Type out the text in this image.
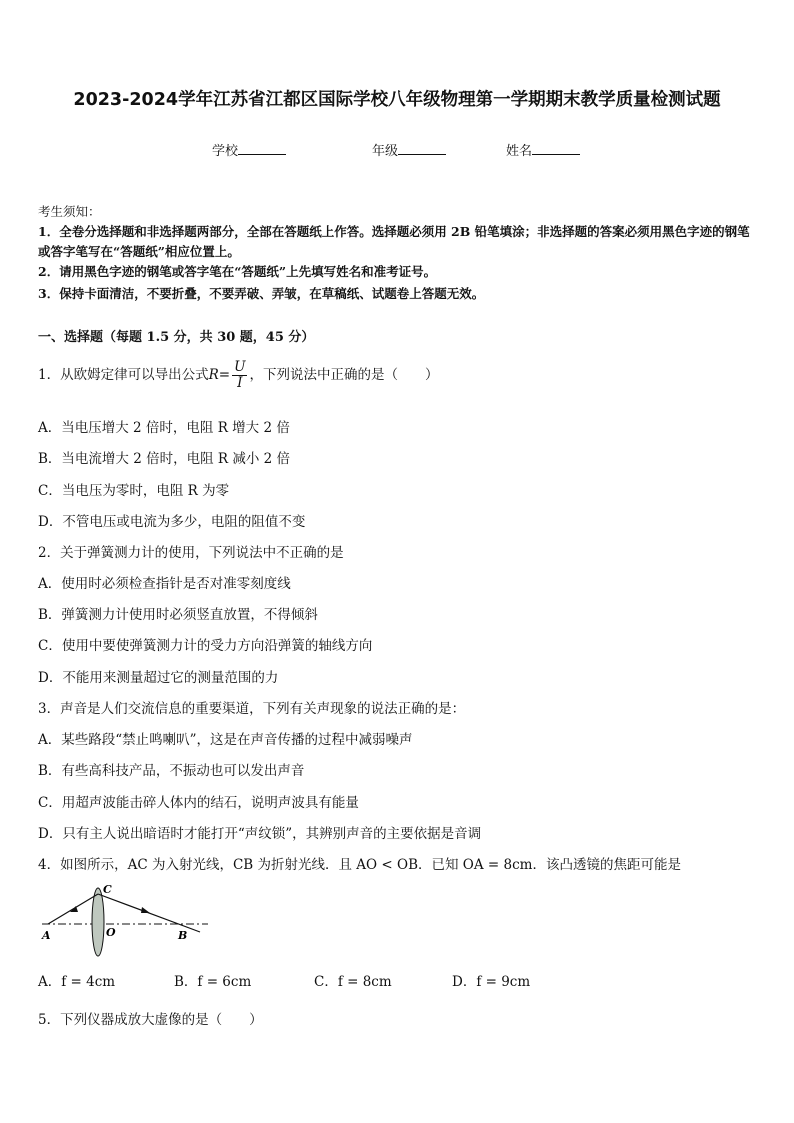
2023-2024学年江苏省江都区国际学校八年级物理第一学期期末教学质量检测试题
学校	年级	姓名
考生须知：
1．全卷分选择题和非选择题两部分，全部在答题纸上作答。选择题必须用 2B 铅笔填涂；非选择题的答案必须用黑色字迹的钢笔或答字笔写在“答题纸”相应位置上。
2．请用黑色字迹的钢笔或答字笔在“答题纸”上先填写姓名和准考证号。
3．保持卡面清洁，不要折叠，不要弄破、弄皱，在草稿纸、试题卷上答题无效。
一、选择题（每题 1.5 分，共 30 题，45 分）
1．从欧姆定律可以导出公式$R= \frac{U}{I}$ ，下列说法中正确的是（　　）
A．当电压增大 2 倍时，电阻 R 增大 2 倍
B．当电流增大 2 倍时，电阻 R 减小 2 倍
C．当电压为零时，电阻 R 为零
D．不管电压或电流为多少，电阻的阻值不变
2．关于弹簧测力计的使用，下列说法中不正确的是
A．使用时必须检查指针是否对准零刻度线
B．弹簧测力计使用时必须竖直放置，不得倾斜
C．使用中要使弹簧测力计的受力方向沿弹簧的轴线方向
D．不能用来测量超过它的测量范围的力
3．声音是人们交流信息的重要渠道，下列有关声现象的说法正确的是：
A．某些路段“禁止鸣喇叭”，这是在声音传播的过程中减弱噪声
B．有些高科技产品，不振动也可以发出声音
C．用超声波能击碎人体内的结石，说明声波具有能量
D．只有主人说出暗语时才能打开“声纹锁”，其辨别声音的主要依据是音调
4．如图所示，AC 为入射光线，CB 为折射光线．且 AO < OB．已知 OA = 8cm．该凸透镜的焦距可能是
A
C
O	B
A．f = 4cm	B．f = 6cm	C．f = 8cm	D．f = 9cm
5．下列仪器成放大虚像的是（　　）
